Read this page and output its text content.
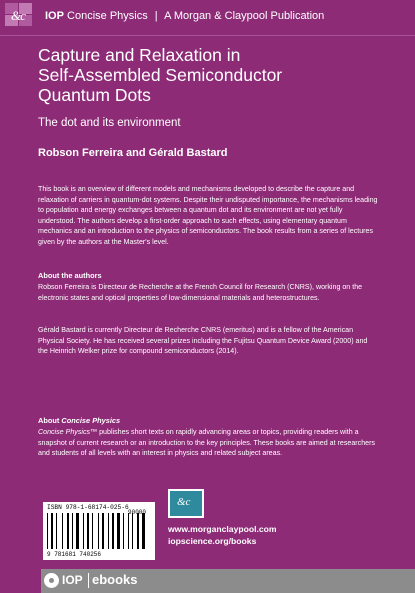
&c IOP Concise Physics | A Morgan & Claypool Publication
Capture and Relaxation in
Self-Assembled Semiconductor
Quantum Dots
The dot and its environment
Robson Ferreira and Gérald Bastard
This book is an overview of different models and mechanisms developed to describe the capture and relaxation of carriers in quantum-dot systems. Despite their undisputed importance, the mechanisms leading to population and energy exchanges between a quantum dot and its environment are not yet fully understood. The authors develop a first-order approach to such effects, using elementary quantum mechanics and an introduction to the physics of semiconductors. The book results from a series of lectures given by the authors at the Master's level.
About the authors
Robson Ferreira is Directeur de Recherche at the French Council for Research (CNRS), working on the electronic states and optical properties of low-dimensional materials and heterostructures.
Gérald Bastard is currently Directeur de Recherche CNRS (emeritus) and is a fellow of the American Physical Society. He has received several prizes including the Fujitsu Quantum Device Award (2000) and the Heinrich Welker prize for compound semiconductors (2014).
About Concise Physics
Concise Physics™ publishes short texts on rapidly advancing areas or topics, providing readers with a snapshot of current research or an introduction to the key principles. These books are aimed at researchers and students of all levels with an interest in physics and related subject areas.
ISBN 978-1-68174-025-6
9 781681 740256
90000
&c
www.morganclaypool.com
iopscience.org/books
IOP ebooks
